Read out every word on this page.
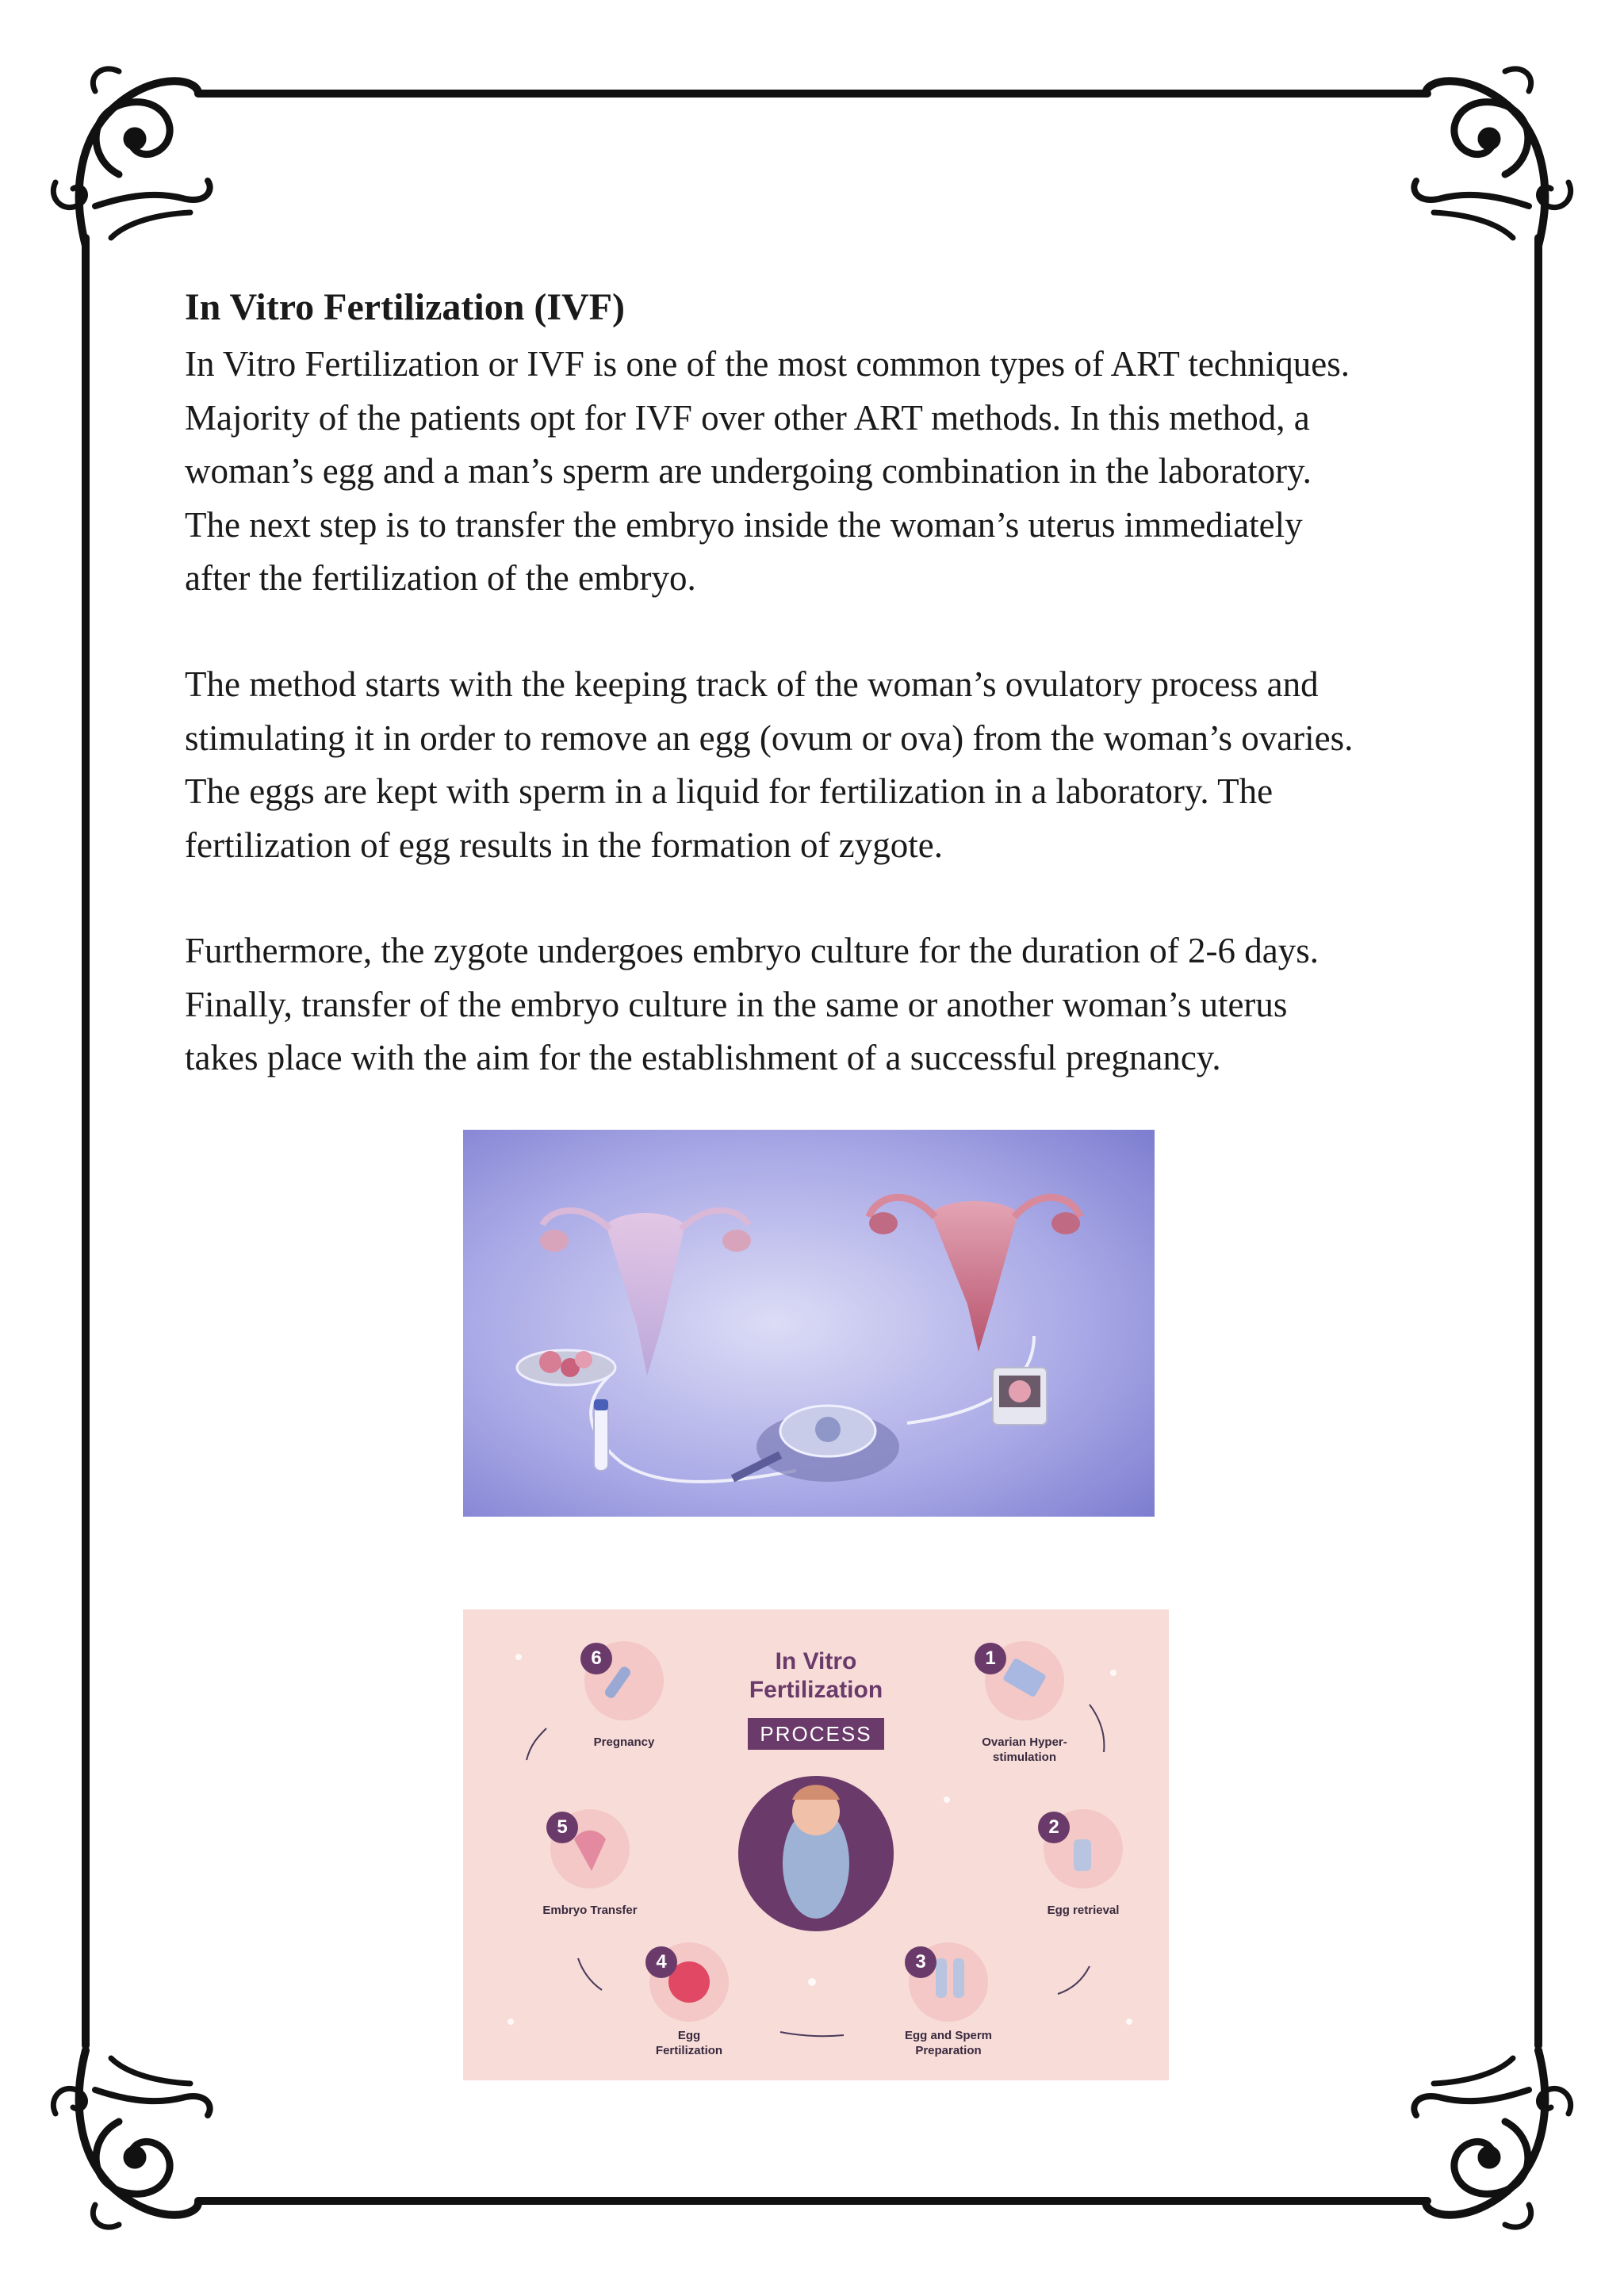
In Vitro Fertilization (IVF)

In Vitro Fertilization or IVF is one of the most common types of ART techniques.
Majority of the patients opt for IVF over other ART methods. In this method, a
woman’s egg and a man’s sperm are undergoing combination in the laboratory.
The next step is to transfer the embryo inside the woman’s uterus immediately
after the fertilization of the embryo.

The method starts with the keeping track of the woman’s ovulatory process and
stimulating it in order to remove an egg (ovum or ova) from the woman’s ovaries.
The eggs are kept with sperm in a liquid for fertilization in a laboratory. The
fertilization of egg results in the formation of zygote.

Furthermore, the zygote undergoes embryo culture for the duration of 2-6 days.
Finally, transfer of the embryo culture in the same or another woman’s uterus
takes place with the aim for the establishment of a successful pregnancy.

In Vitro
Fertilization
PROCESS
6	1
5	2
4	3
Pregnancy	Ovarian Hyper-
stimulation
Embryo Transfer	Egg retrieval
Egg
Fertilization
Egg and Sperm
Preparation
